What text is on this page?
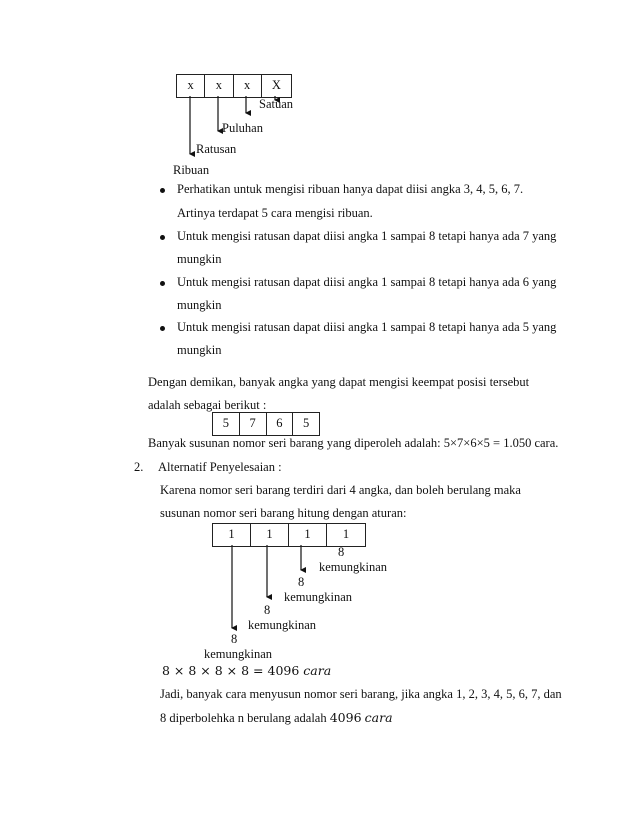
x	x	x	X
Satuan
Puluhan
Ratusan
Ribuan
Perhatikan untuk mengisi ribuan hanya dapat diisi angka 3, 4, 5, 6, 7.
Artinya terdapat 5 cara mengisi ribuan.
Untuk mengisi ratusan dapat diisi angka 1 sampai 8 tetapi hanya ada 7 yang
mungkin
Untuk mengisi ratusan dapat diisi angka 1 sampai 8 tetapi hanya ada 6 yang
mungkin
Untuk mengisi ratusan dapat diisi angka 1 sampai 8 tetapi hanya ada 5 yang
mungkin
Dengan demikan, banyak angka yang dapat mengisi keempat posisi tersebut
adalah sebagai berikut :
5	7	6	5
Banyak susunan nomor seri barang yang diperoleh adalah: 5×7×6×5 = 1.050 cara.
2. Alternatif Penyelesaian :
Karena nomor seri barang terdiri dari 4 angka, dan boleh berulang maka
susunan nomor seri barang hitung dengan aturan:
1	1	1	1
8
kemungkinan
8
kemungkinan
8
kemungkinan
8
kemungkinan
8 × 8 × 8 × 8 = 4096 cara
Jadi, banyak cara menyusun nomor seri barang, jika angka 1, 2, 3, 4, 5, 6, 7, dan
8 diperbolehka n berulang adalah 4096 cara
